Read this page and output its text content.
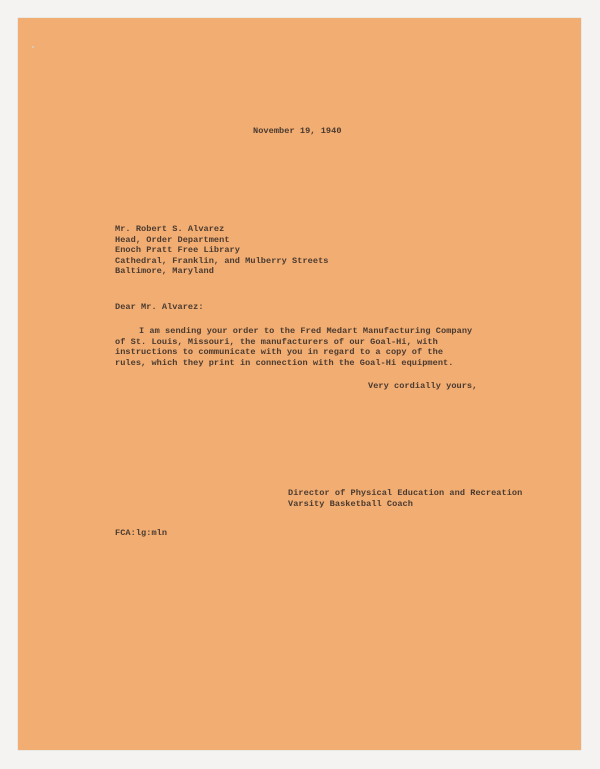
November 19, 1940
Mr. Robert S. Alvarez
Head, Order Department
Enoch Pratt Free Library
Cathedral, Franklin, and Mulberry Streets
Baltimore, Maryland
Dear Mr. Alvarez:
I am sending your order to the Fred Medart Manufacturing Company
of St. Louis, Missouri, the manufacturers of our Goal-Hi, with
instructions to communicate with you in regard to a copy of the
rules, which they print in connection with the Goal-Hi equipment.
Very cordially yours,
Director of Physical Education and Recreation
Varsity Basketball Coach
FCA:lg:mln
